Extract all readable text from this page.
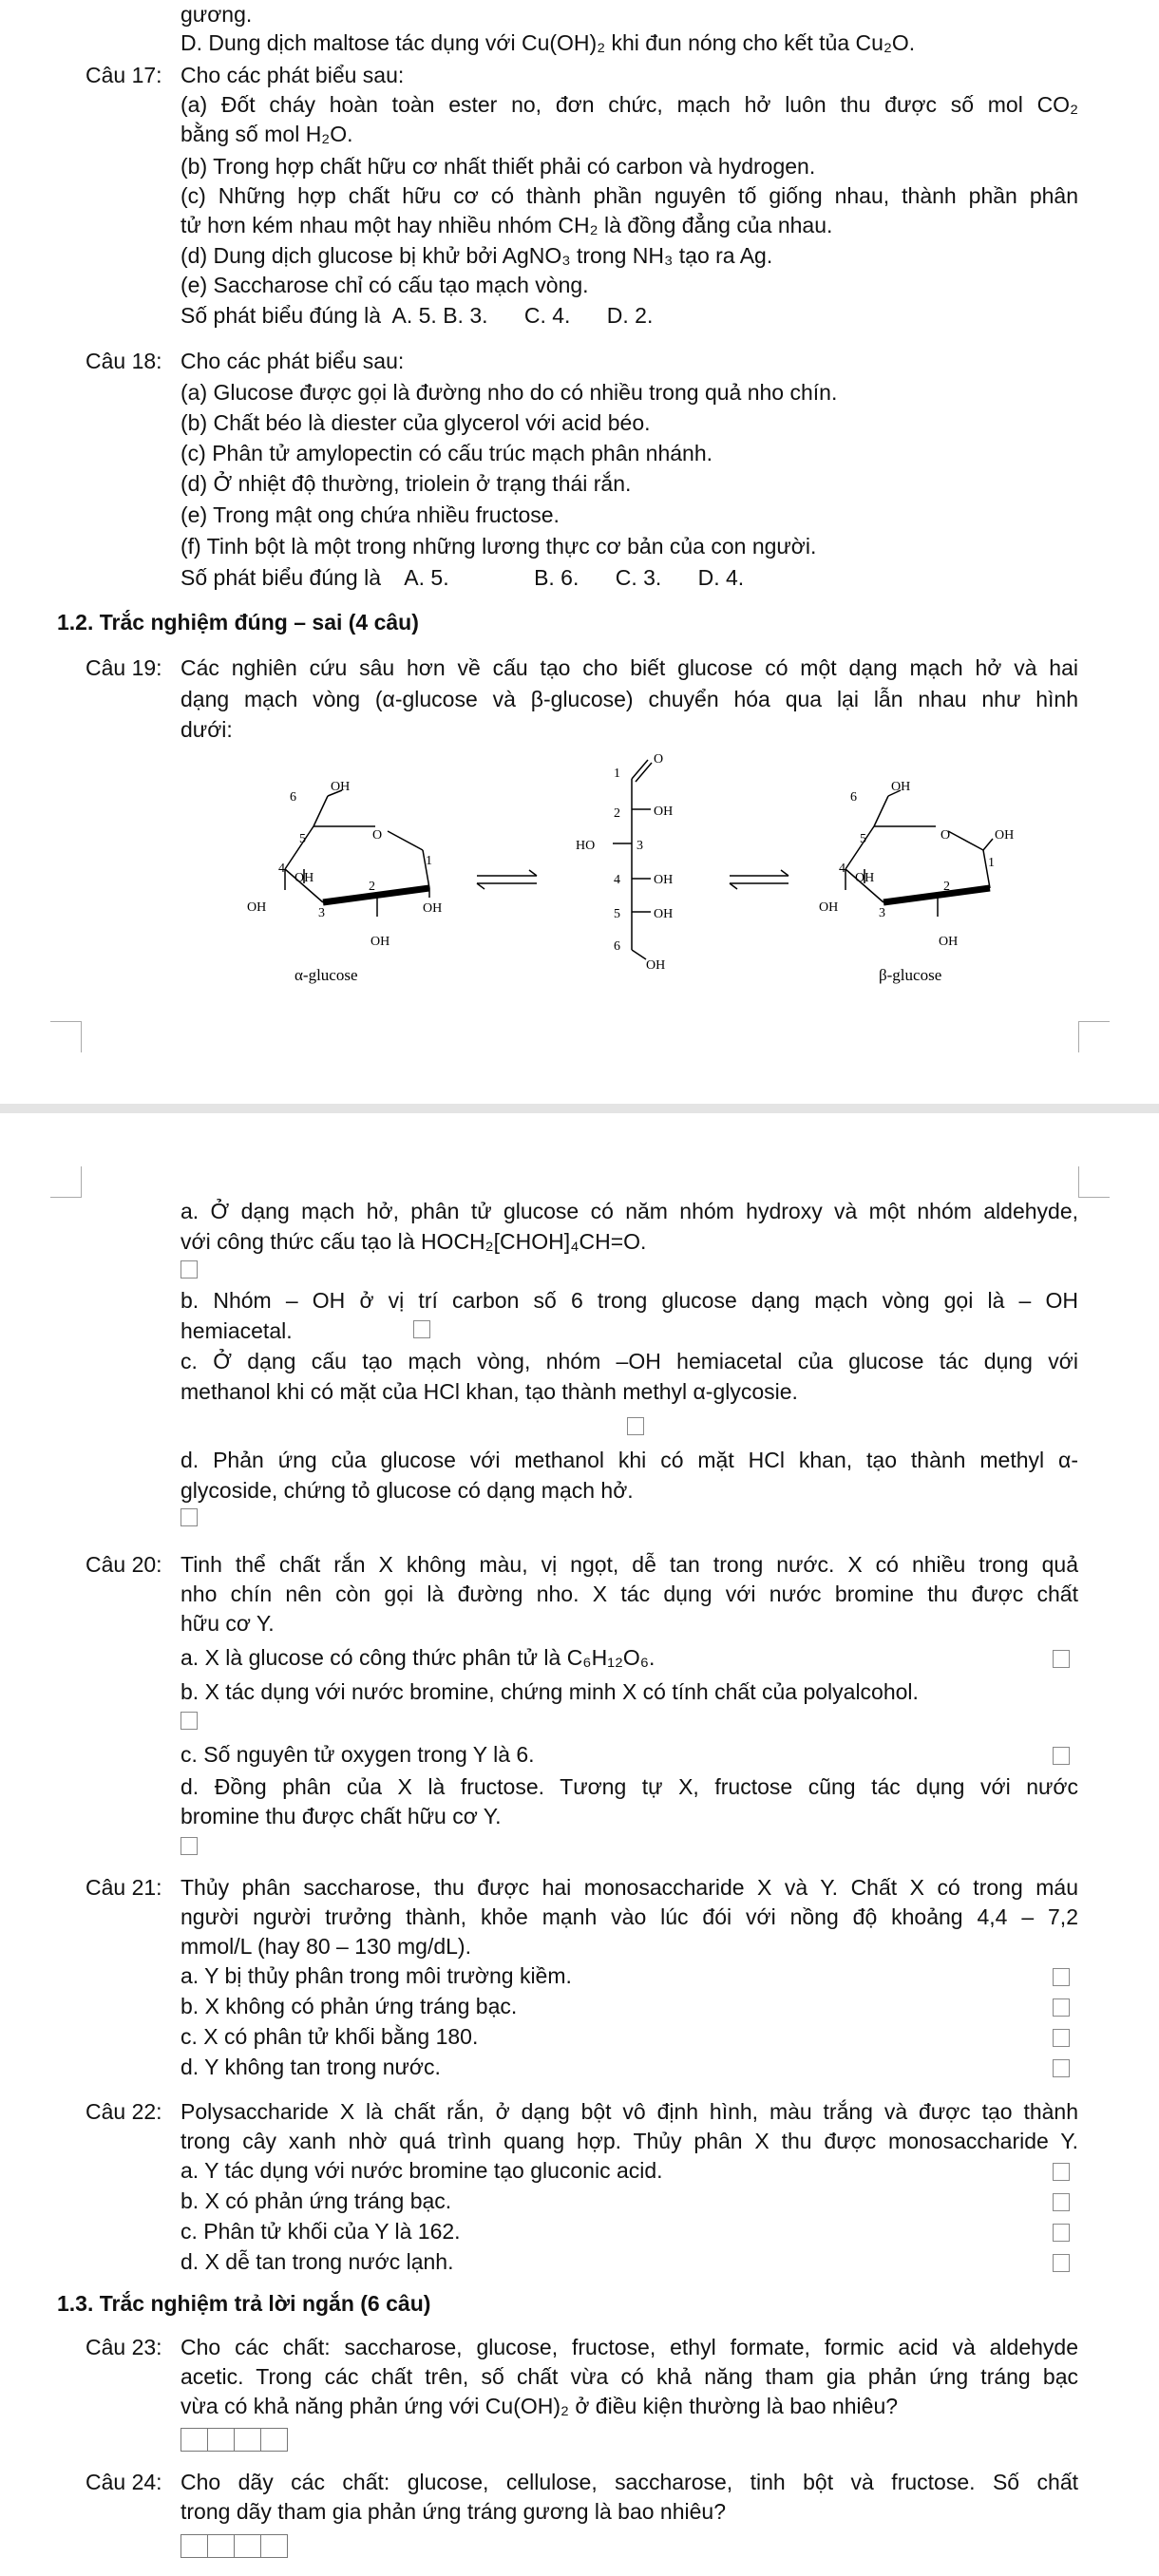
gương.
D. Dung dịch maltose tác dụng với Cu(OH)₂ khi đun nóng cho kết tủa Cu₂O.
Câu 17: Cho các phát biểu sau:
(a) Đốt cháy hoàn toàn ester no, đơn chức, mạch hở luôn thu được số mol CO₂
bằng số mol H₂O.
(b) Trong hợp chất hữu cơ nhất thiết phải có carbon và hydrogen.
(c) Những hợp chất hữu cơ có thành phần nguyên tố giống nhau, thành phần phân
tử hơn kém nhau một hay nhiều nhóm CH₂ là đồng đẳng của nhau.
(d) Dung dịch glucose bị khử bởi AgNO₃ trong NH₃ tạo ra Ag.
(e) Saccharose chỉ có cấu tạo mạch vòng.
Số phát biểu đúng là  A. 5. B. 3.      C. 4.      D. 2.
Câu 18: Cho các phát biểu sau:
(a) Glucose được gọi là đường nho do có nhiều trong quả nho chín.
(b) Chất béo là diester của glycerol với acid béo.
(c) Phân tử amylopectin có cấu trúc mạch phân nhánh.
(d) Ở nhiệt độ thường, triolein ở trạng thái rắn.
(e) Trong mật ong chứa nhiều fructose.
(f) Tinh bột là một trong những lương thực cơ bản của con người.
Số phát biểu đúng là    A. 5.              B. 6.      C. 3.      D. 4.
1.2. Trắc nghiệm đúng – sai (4 câu)
Câu 19: Các nghiên cứu sâu hơn về cấu tạo cho biết glucose có một dạng mạch hở và hai
dạng mạch vòng (α-glucose và β-glucose) chuyển hóa qua lại lẫn nhau như hình
dưới:
OH
6
5	O
1
4
OH
2
OH	3	OH
OH
α-glucose
O
1
2	OH
HO	3
4	OH
5	OH
6
OH
OH
6
5	O	OH
1
4
OH
2
OH	3
OH
β-glucose
a. Ở dạng mạch hở, phân tử glucose có năm nhóm hydroxy và một nhóm aldehyde,
với công thức cấu tạo là HOCH₂[CHOH]₄CH=O.
b. Nhóm – OH ở vị trí carbon số 6 trong glucose dạng mạch vòng gọi là – OH
hemiacetal.
c. Ở dạng cấu tạo mạch vòng, nhóm –OH hemiacetal của glucose tác dụng với
methanol khi có mặt của HCl khan, tạo thành methyl α-glycosie.
d. Phản ứng của glucose với methanol khi có mặt HCl khan, tạo thành methyl α-
glycoside, chứng tỏ glucose có dạng mạch hở.
Câu 20: Tinh thể chất rắn X không màu, vị ngọt, dễ tan trong nước. X có nhiều trong quả
nho chín nên còn gọi là đường nho. X tác dụng với nước bromine thu được chất
hữu cơ Y.
a. X là glucose có công thức phân tử là C₆H₁₂O₆.
b. X tác dụng với nước bromine, chứng minh X có tính chất của polyalcohol.
c. Số nguyên tử oxygen trong Y là 6.
d. Đồng phân của X là fructose. Tương tự X, fructose cũng tác dụng với nước
bromine thu được chất hữu cơ Y.
Câu 21: Thủy phân saccharose, thu được hai monosaccharide X và Y. Chất X có trong máu
người người trưởng thành, khỏe mạnh vào lúc đói với nồng độ khoảng 4,4 – 7,2
mmol/L (hay 80 – 130 mg/dL).
a. Y bị thủy phân trong môi trường kiềm.
b. X không có phản ứng tráng bạc.
c. X có phân tử khối bằng 180.
d. Y không tan trong nước.
Câu 22: Polysaccharide X là chất rắn, ở dạng bột vô định hình, màu trắng và được tạo thành
trong cây xanh nhờ quá trình quang hợp. Thủy phân X thu được monosaccharide Y.
a. Y tác dụng với nước bromine tạo gluconic acid.
b. X có phản ứng tráng bạc.
c. Phân tử khối của Y là 162.
d. X dễ tan trong nước lạnh.
1.3. Trắc nghiệm trả lời ngắn (6 câu)
Câu 23: Cho các chất: saccharose, glucose, fructose, ethyl formate, formic acid và aldehyde
acetic. Trong các chất trên, số chất vừa có khả năng tham gia phản ứng tráng bạc
vừa có khả năng phản ứng với Cu(OH)₂ ở điều kiện thường là bao nhiêu?
Câu 24: Cho dãy các chất: glucose, cellulose, saccharose, tinh bột và fructose. Số chất
trong dãy tham gia phản ứng tráng gương là bao nhiêu?
